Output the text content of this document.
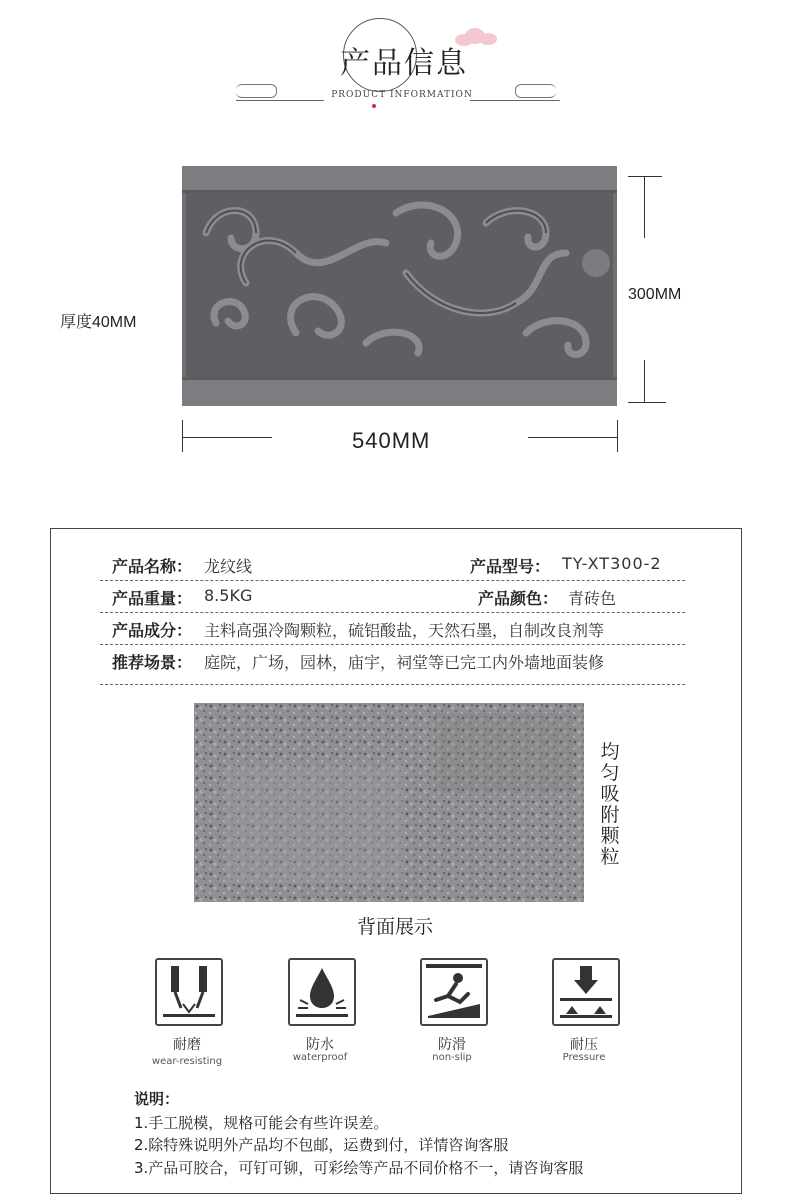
产品信息
PRODUCT INFORMATION
厚度40MM
300MM
540MM
产品名称： 龙纹线	产品型号： TY-XT300-2
产品重量： 8.5KG	产品颜色： 青砖色
产品成分： 主料高强冷陶颗粒，硫铝酸盐，天然石墨，自制改良剂等
推荐场景： 庭院，广场，园林，庙宇，祠堂等已完工内外墙地面装修
均匀吸附颗粒
背面展示
耐磨
wear-resisting
防水
waterproof
防滑
non-slip
耐压
Pressure
说明：
1.手工脱模，规格可能会有些许误差。
2.除特殊说明外产品均不包邮，运费到付，详情咨询客服
3.产品可胶合，可钉可铆，可彩绘等产品不同价格不一，请咨询客服
